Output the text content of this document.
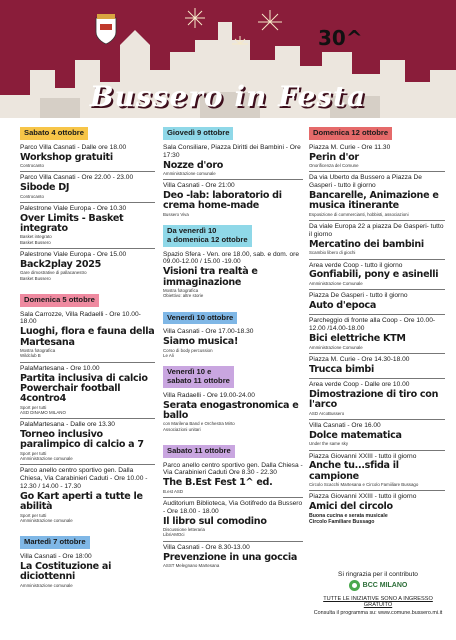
30^
Bussero in Festa
Sabato 4 ottobre
Parco Villa Casnati - Dalle ore 18.00
Workshop gratuiti
Controcanto
Parco Villa Casnati - Ore 22.00 - 23.00
Sibode DJ
Controcanto
Palestrone Viale Europa - Ore 10.30
Over Limits - Basket integrato
Basket integrato
Basket Bussero
Palestrone Viale Europa - Ore 15.00
Back2play 2025
Gare dimostrative di pallacanestro
Basket Bussero
Domenica 5 ottobre
Sala Carrozze, Villa Radaelli - Ore 10.00-18.00
Luoghi, flora e fauna della Martesana
Mostra fotografica
Wildclub B
PalaMartesana - Ore 10.00
Partita inclusiva di calcio Powerchair football 4contro4
Sport per tutti
ASD DINAMO MILANO
PalaMartesana - Dalle ore 13.30
Torneo inclusivo paralimpico di calcio a 7
Sport per tutti
Amministrazione comunale
Parco anello centro sportivo gen. Dalla Chiesa, Via Carabinieri Caduti - Ore 10.00 - 12.30 / 14.00 - 17.30
Go Kart aperti a tutte le abilità
Sport per tutti
Amministrazione comunale
Martedì 7 ottobre
Villa Casnati - Ore 18:00
La Costituzione ai diciottenni
Amministrazione comunale
Giovedì 9 ottobre
Sala Consiliare, Piazza Diritti dei Bambini - Ore 17:30
Nozze d'oro
Amministrazione comunale
Villa Casnati - Ore 21:00
Deo -lab: laboratorio di crema home-made
Bussero Viva
Da venerdì 10
a domenica 12 ottobre
Spazio Sfera - Ven. ore 18.00, sab. e dom. ore 09.00-12.00 / 15.00 -19.00
Visioni tra realtà e immaginazione
Mostra fotografica
Obiettivo: altre storie
Venerdì 10 ottobre
Villa Casnati - Ore 17.00-18.30
Siamo musica!
Corso di body percussion
Le Ali
Venerdì 10 e
sabato 11 ottobre
Villa Radaelli - Ore 19.00-24.00
Serata enogastronomica e ballo
con Marilena Band e Orchestra Mirto
Associazioni unitari
Sabato 11 ottobre
Parco anello centro sportivo gen. Dalla Chiesa - Via Carabinieri Caduti Ore 8.30 - 22.30
The B.Est Fest 1^ ed.
B.est ASD
Auditorium Biblioteca, Via Gotifredo da Bussero - Ore 18.00 - 18.00
Il libro sul comodino
Discussione letteraria
LibriAMOci
Villa Casnati - Ore 8.30-13.00
Prevenzione in una goccia
ASST Melegnano Martesana
Domenica 12 ottobre
Piazza M. Curie - Ore 11.30
Perin d'or
Onorificenza del Comune
Da via Uberto da Bussero a Piazza De Gasperi - tutto il giorno
Bancarelle, Animazione e musica itinerante
Esposizione di commercianti, hobbisti, associazioni
Da viale Europa 22 a piazza De Gasperi- tutto il giorno
Mercatino dei bambini
Scambio libero di giochi
Area verde Coop - tutto il giorno
Gonfiabili, pony e asinelli
Amministrazione Comunale
Piazza De Gasperi - tutto il giorno
Auto d'epoca
Parcheggio di fronte alla Coop - Ore 10.00-12.00 /14.00-18.00
Bici elettriche KTM
Amministrazione Comunale
Piazza M. Curie - Ore 14.30-18.00
Trucca bimbi
Area verde Coop - Dalle ore 10.00
Dimostrazione di tiro con l'arco
ASD ArcoBussero
Villa Casnati - Ore 16.00
Dolce matematica
Under the same sky
Piazza Giovanni XXIII - tutto il giorno
Anche tu...sfida il campione
Circolo Scacchi Martesana e Circolo Famiiliare Bussago
Piazza Giovanni XXIII - tutto il giorno
Amici del circolo
Buona cucina e serata musicale
Circolo Familiare Bussago
Si ringrazia per il contributo
BCC MILANO
TUTTE LE INIZIATIVE SONO A INGRESSO GRATUITO
Consulta il programma su: www.comune.bussero.mi.it
